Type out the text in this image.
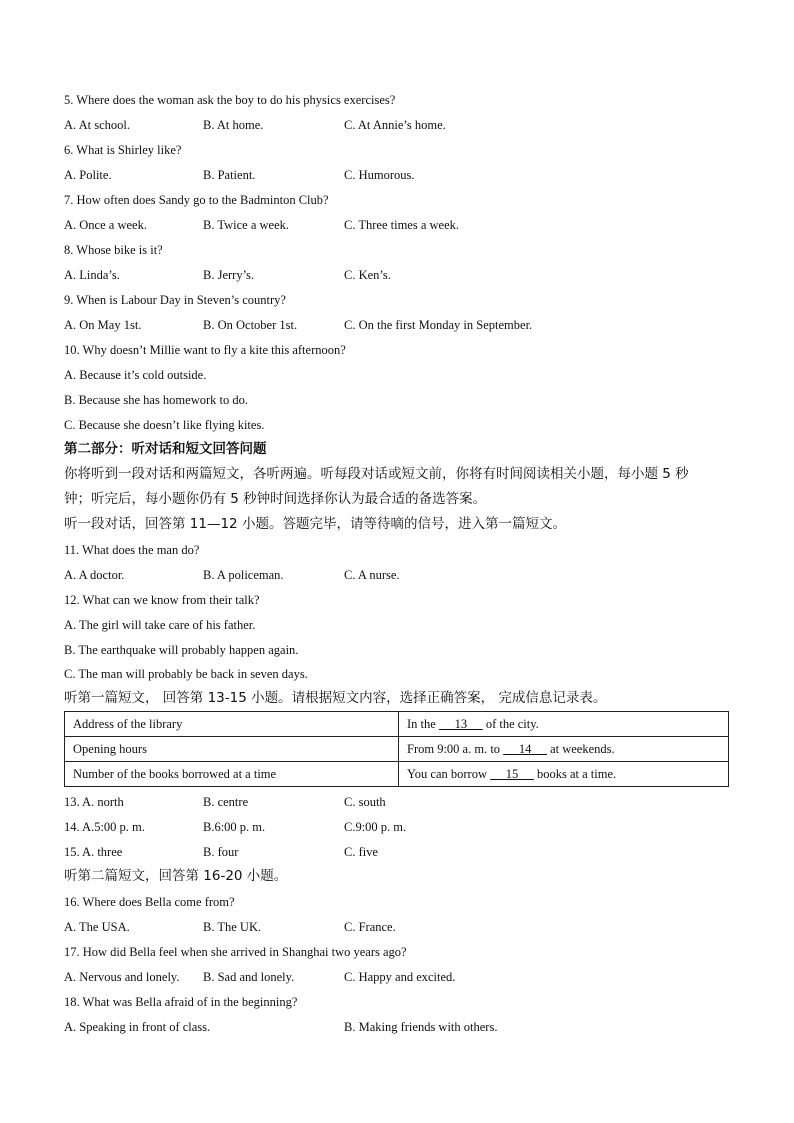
5. Where does the woman ask the boy to do his physics exercises?
A. At school.	B. At home.	C. At Annie’s home.
6. What is Shirley like?
A. Polite.	B. Patient.	C. Humorous.
7. How often does Sandy go to the Badminton Club?
A. Once a week.	B. Twice a week.	C. Three times a week.
8. Whose bike is it?
A. Linda’s.	B. Jerry’s.	C. Ken’s.
9. When is Labour Day in Steven’s country?
A. On May 1st.	B. On October 1st.	C. On the first Monday in September.
10. Why doesn’t Millie want to fly a kite this afternoon?
A. Because it’s cold outside.
B. Because she has homework to do.
C. Because she doesn’t like flying kites.
第二部分：听对话和短文回答问题
你将听到一段对话和两篇短文，各听两遍。听每段对话或短文前，你将有时间阅读相关小题，每小题 5 秒
钟；听完后，每小题你仍有 5 秒钟时间选择你认为最合适的备选答案。
听一段对话，回答第 11—12 小题。答题完毕，请等待嘀的信号，进入第一篇短文。
11. What does the man do?
A. A doctor.	B. A policeman.	C. A nurse.
12. What can we know from their talk?
A. The girl will take care of his father.
B. The earthquake will probably happen again.
C. The man will probably be back in seven days.
听第一篇短文， 回答第 13-15 小题。请根据短文内容，选择正确答案， 完成信息记录表。
Address of the library	In the      13      of the city.
Opening hours	From 9:00 a. m. to      14      at weekends.
Number of the books borrowed at a time	You can borrow      15      books at a time.
13. A. north	B. centre	C. south
14. A.5:00 p. m.	B.6:00 p. m.	C.9:00 p. m.
15. A. three	B. four	C. five
听第二篇短文，回答第 16-20 小题。
16. Where does Bella come from?
A. The USA.	B. The UK.	C. France.
17. How did Bella feel when she arrived in Shanghai two years ago?
A. Nervous and lonely. B. Sad and lonely.	C. Happy and excited.
18. What was Bella afraid of in the beginning?
A. Speaking in front of class.	B. Making friends with others.
